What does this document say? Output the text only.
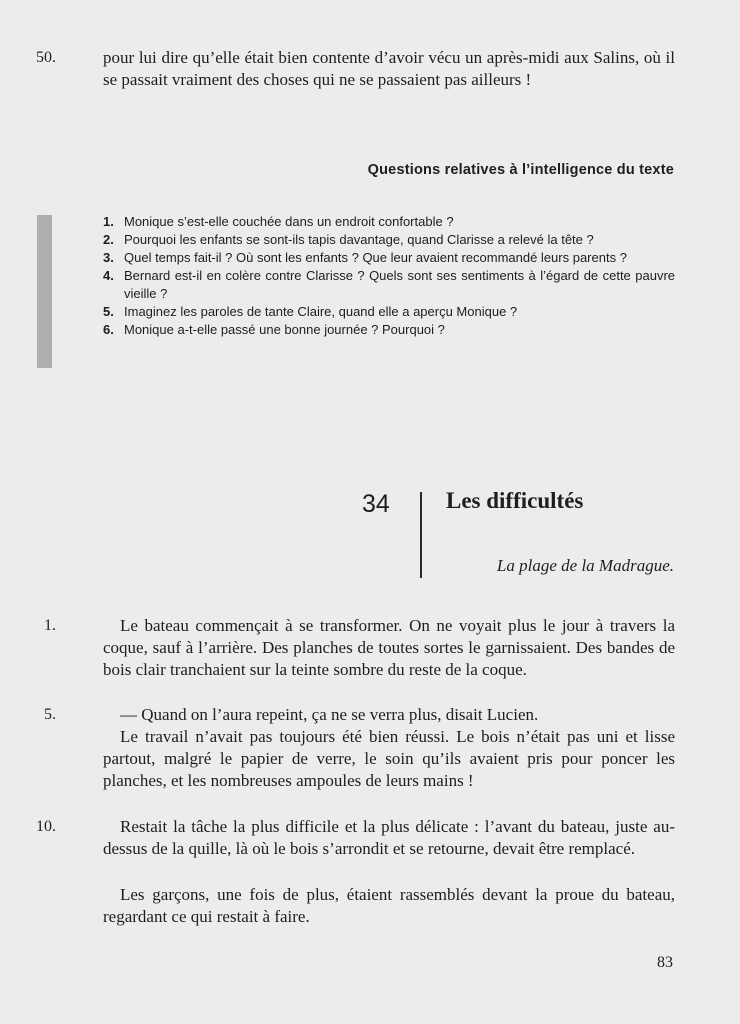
50.	pour lui dire qu’elle était bien contente d’avoir vécu un après-midi aux Salins, où il se passait vraiment des choses qui ne se passaient pas ailleurs !
Questions relatives à l’intelligence du texte
1. Monique s’est-elle couchée dans un endroit confortable ?
2. Pourquoi les enfants se sont-ils tapis davantage, quand Clarisse a relevé la tête ?
3. Quel temps fait-il ? Où sont les enfants ? Que leur avaient recommandé leurs parents ?
4. Bernard est-il en colère contre Clarisse ? Quels sont ses sentiments à l’égard de cette pauvre vieille ?
5. Imaginez les paroles de tante Claire, quand elle a aperçu Monique ?
6. Monique a-t-elle passé une bonne journée ? Pourquoi ?
34 Les difficultés
La plage de la Madrague.
1.
5.
10.
Le bateau commençait à se transformer. On ne voyait plus le jour à travers la coque, sauf à l’arrière. Des planches de toutes sortes le garnissaient. Des bandes de bois clair tranchaient sur la teinte sombre du reste de la coque.
— Quand on l’aura repeint, ça ne se verra plus, disait Lucien.
Le travail n’avait pas toujours été bien réussi. Le bois n’était pas uni et lisse partout, malgré le papier de verre, le soin qu’ils avaient pris pour poncer les planches, et les nombreuses ampoules de leurs mains !
Restait la tâche la plus difficile et la plus délicate : l’avant du bateau, juste au-dessus de la quille, là où le bois s’arrondit et se retourne, devait être remplacé.
Les garçons, une fois de plus, étaient rassemblés devant la proue du bateau, regardant ce qui restait à faire.
83
